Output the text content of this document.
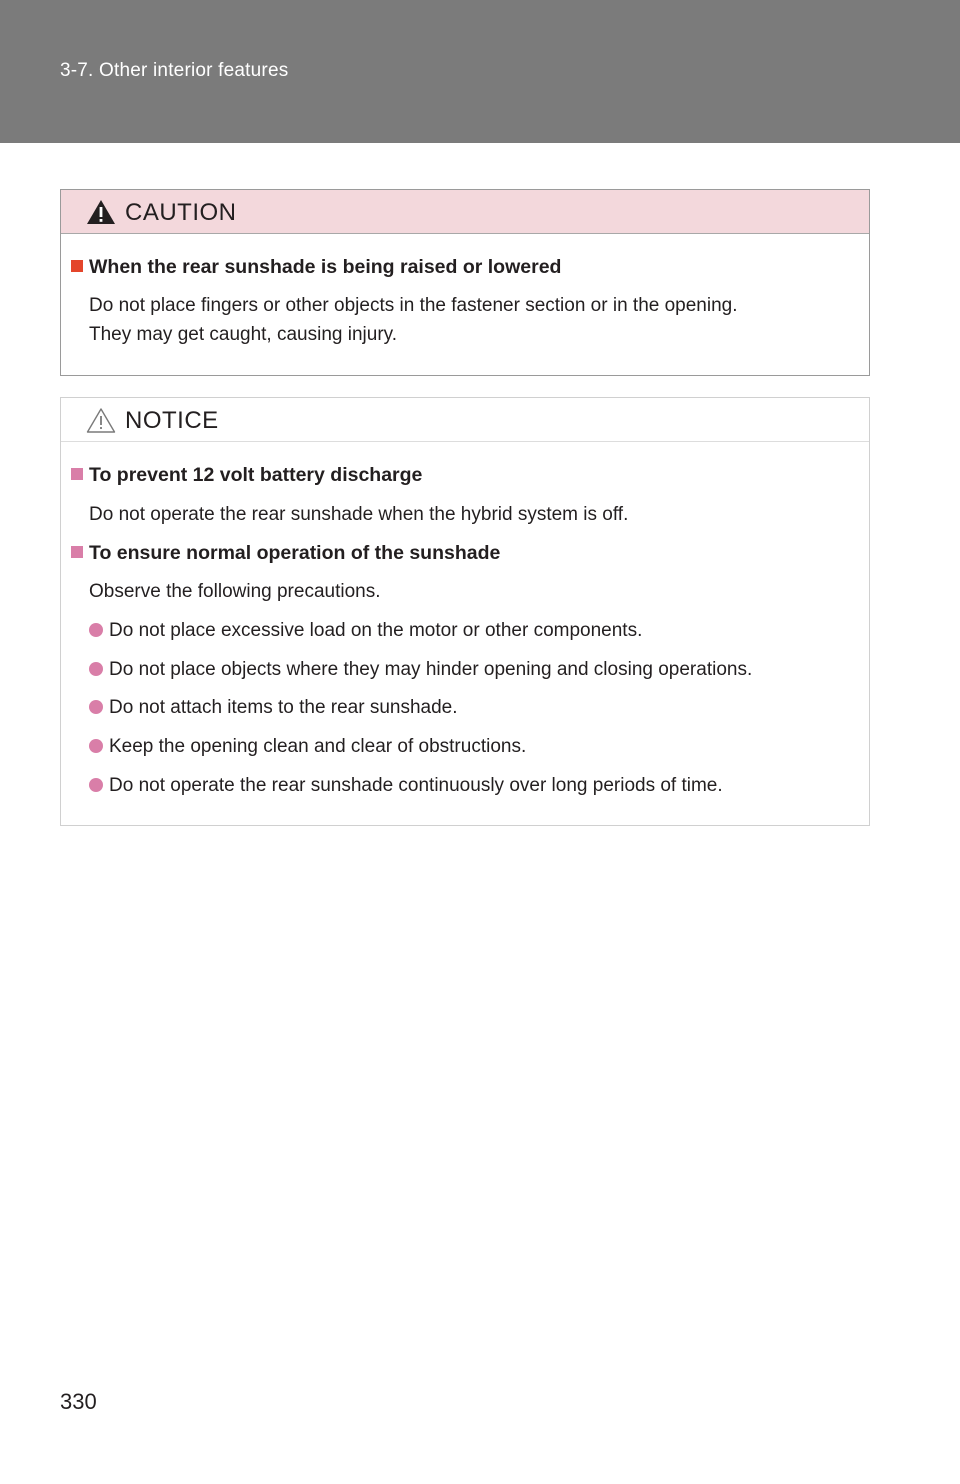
3-7. Other interior features
CAUTION
When the rear sunshade is being raised or lowered
Do not place fingers or other objects in the fastener section or in the opening.
They may get caught, causing injury.
NOTICE
To prevent 12 volt battery discharge
Do not operate the rear sunshade when the hybrid system is off.
To ensure normal operation of the sunshade
Observe the following precautions.
Do not place excessive load on the motor or other components.
Do not place objects where they may hinder opening and closing operations.
Do not attach items to the rear sunshade.
Keep the opening clean and clear of obstructions.
Do not operate the rear sunshade continuously over long periods of time.
330
